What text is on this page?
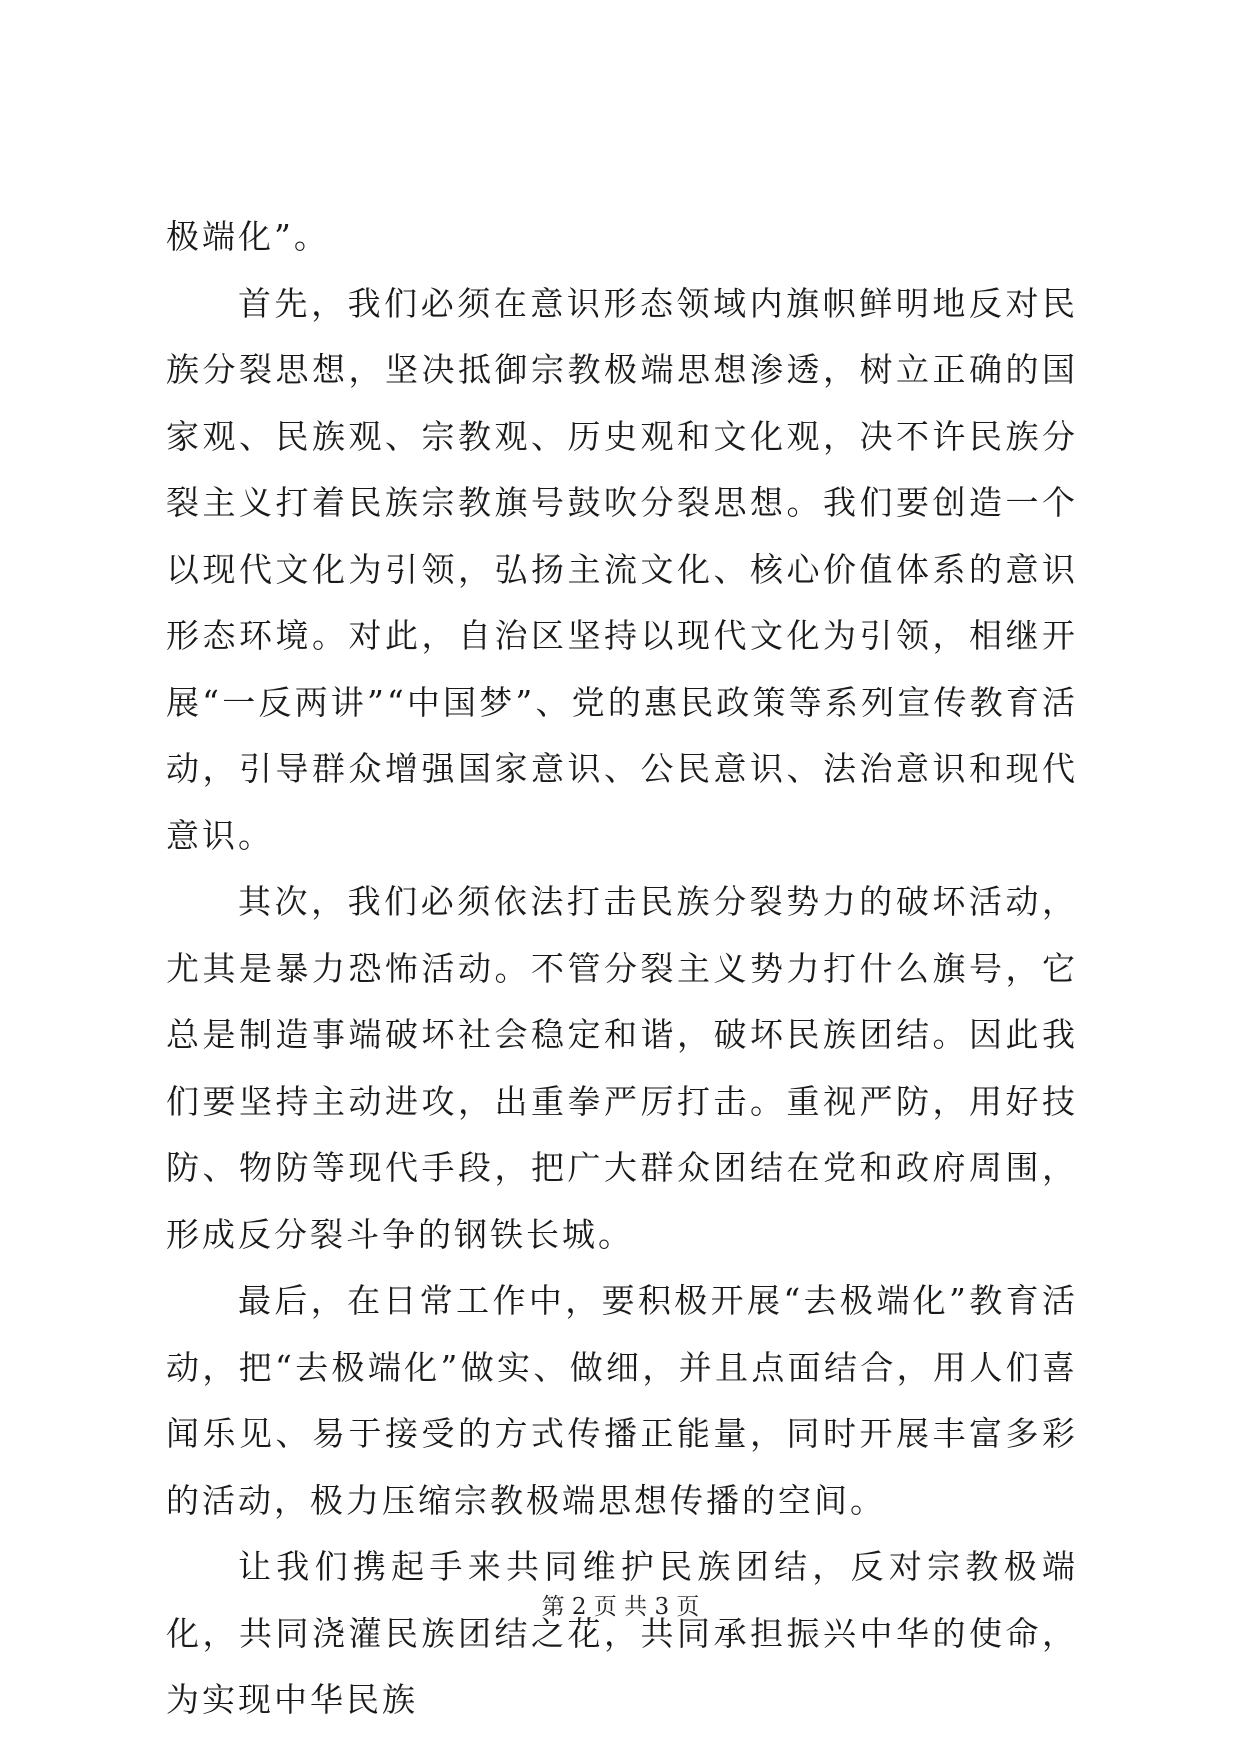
极端化”。

首先，我们必须在意识形态领域内旗帜鲜明地反对民族分裂思想，坚决抵御宗教极端思想渗透，树立正确的国家观、民族观、宗教观、历史观和文化观，决不许民族分裂主义打着民族宗教旗号鼓吹分裂思想。我们要创造一个以现代文化为引领，弘扬主流文化、核心价值体系的意识形态环境。对此，自治区坚持以现代文化为引领，相继开展“一反两讲”“中国梦”、党的惠民政策等系列宣传教育活动，引导群众增强国家意识、公民意识、法治意识和现代意识。

其次，我们必须依法打击民族分裂势力的破坏活动，尤其是暴力恐怖活动。不管分裂主义势力打什么旗号，它总是制造事端破坏社会稳定和谐，破坏民族团结。因此我们要坚持主动进攻，出重拳严厉打击。重视严防，用好技防、物防等现代手段，把广大群众团结在党和政府周围，形成反分裂斗争的钢铁长城。

最后，在日常工作中，要积极开展“去极端化”教育活动，把“去极端化”做实、做细，并且点面结合，用人们喜闻乐见、易于接受的方式传播正能量，同时开展丰富多彩的活动，极力压缩宗教极端思想传播的空间。

让我们携起手来共同维护民族团结，反对宗教极端化，共同浇灌民族团结之花，共同承担振兴中华的使命，为实现中华民族

第 2 页 共 3 页
